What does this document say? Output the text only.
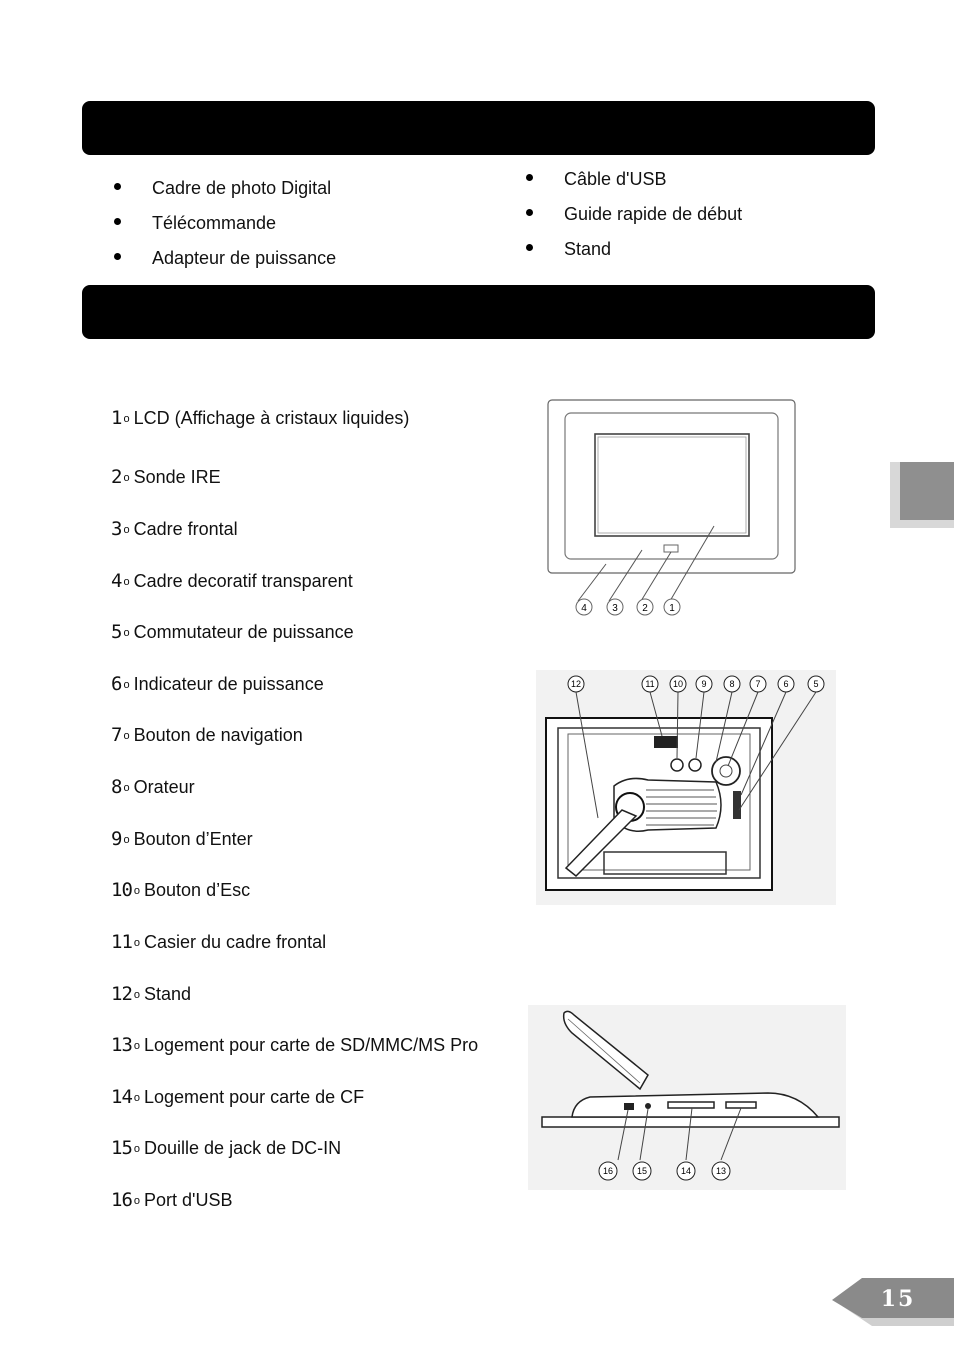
Cadre de photo Digital
Télécommande
Adapteur de puissance
Câble d'USB
Guide rapide de début
Stand
1 o LCD (Affichage à cristaux liquides)
2 o Sonde IRE
3 o Cadre frontal
4 o Cadre decoratif transparent
5 o Commutateur de puissance
6 o Indicateur de puissance
7 o Bouton de navigation
8 o Orateur
9 o Bouton d’Enter
10 o Bouton d’Esc
11 o Casier du cadre frontal
12 o Stand
13 o Logement pour carte de SD/MMC/MS Pro
14 o Logement pour carte de CF
15 o Douille de jack de DC-IN
16 o Port d'USB
4	3 2 1
12	11 10 9	8 7	6	5
16	15	14	13
15
